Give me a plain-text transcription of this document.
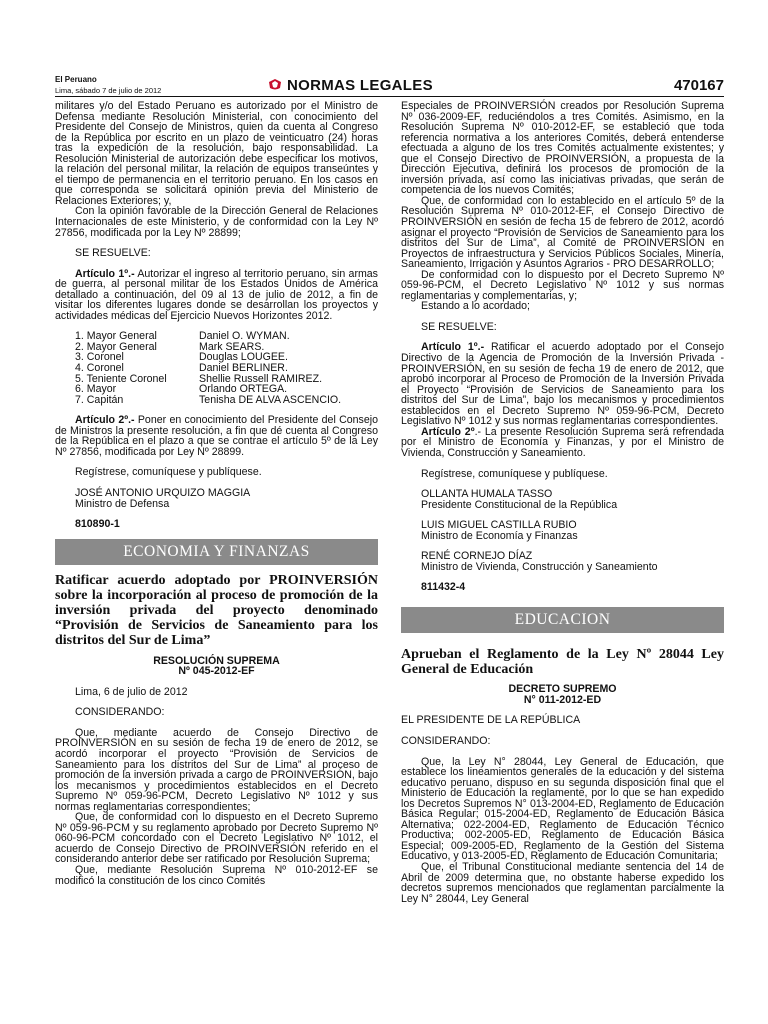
El Peruano
Lima, sábado 7 de julio de 2012	NORMAS LEGALES	470167

militares y/o del Estado Peruano es autorizado por el Ministro de Defensa mediante Resolución Ministerial, con conocimiento del Presidente del Consejo de Ministros, quien da cuenta al Congreso de la República por escrito en un plazo de veinticuatro (24) horas tras la expedición de la resolución, bajo responsabilidad. La Resolución Ministerial de autorización debe especificar los motivos, la relación del personal militar, la relación de equipos transeúntes y el tiempo de permanencia en el territorio peruano. En los casos en que corresponda se solicitará opinión previa del Ministerio de Relaciones Exteriores; y,

Con la opinión favorable de la Dirección General de Relaciones Internacionales de este Ministerio, y de conformidad con la Ley Nº 27856, modificada por la Ley Nº 28899;

SE RESUELVE:

Artículo 1º.- Autorizar el ingreso al territorio peruano, sin armas de guerra, al personal militar de los Estados Unidos de América detallado a continuación, del 09 al 13 de julio de 2012, a fin de visitar los diferentes lugares donde se desarrollan los proyectos y actividades médicas del Ejercicio Nuevos Horizontes 2012.

1. Mayor General	Daniel O. WYMAN.
2. Mayor General	Mark SEARS.
3. Coronel	Douglas LOUGEE.
4. Coronel	Daniel BERLINER.
5. Teniente Coronel	Shellie Russell RAMIREZ.
6. Mayor	Orlando ORTEGA.
7. Capitán	Tenisha DE ALVA ASCENCIO.

Artículo 2º.- Poner en conocimiento del Presidente del Consejo de Ministros la presente resolución, a fin que dé cuenta al Congreso de la República en el plazo a que se contrae el artículo 5º de la Ley Nº 27856, modificada por Ley Nº 28899.

Regístrese, comuníquese y publíquese.

JOSÉ ANTONIO URQUIZO MAGGIA

Ministro de Defensa

810890-1

ECONOMIA Y FINANZAS

Ratificar acuerdo adoptado por PROINVERSIÓN sobre la incorporación al proceso de promoción de la inversión privada del proyecto denominado “Provisión de Servicios de Saneamiento para los distritos del Sur de Lima”

RESOLUCIÓN SUPREMA

Nº 045-2012-EF

Lima, 6 de julio de 2012

CONSIDERANDO:

Que, mediante acuerdo de Consejo Directivo de PROINVERSIÓN en su sesión de fecha 19 de enero de 2012, se acordó incorporar el proyecto “Provisión de Servicios de Saneamiento para los distritos del Sur de Lima” al proceso de promoción de la inversión privada a cargo de PROINVERSIÓN, bajo los mecanismos y procedimientos establecidos en el Decreto Supremo Nº 059-96-PCM, Decreto Legislativo Nº 1012 y sus normas reglamentarias correspondientes;

Que, de conformidad con lo dispuesto en el Decreto Supremo Nº 059-96-PCM y su reglamento aprobado por Decreto Supremo Nº 060-96-PCM concordado con el Decreto Legislativo Nº 1012, el acuerdo de Consejo Directivo de PROINVERSIÓN referido en el considerando anterior debe ser ratificado por Resolución Suprema;

Que, mediante Resolución Suprema Nº 010-2012-EF se modificó la constitución de los cinco Comités

Especiales de PROINVERSIÓN creados por Resolución Suprema Nº 036-2009-EF, reduciéndolos a tres Comités. Asimismo, en la Resolución Suprema Nº 010-2012-EF, se estableció que toda referencia normativa a los anteriores Comités, deberá entenderse efectuada a alguno de los tres Comités actualmente existentes; y que el Consejo Directivo de PROINVERSIÓN, a propuesta de la Dirección Ejecutiva, definirá los procesos de promoción de la inversión privada, así como las iniciativas privadas, que serán de competencia de los nuevos Comités;

Que, de conformidad con lo establecido en el artículo 5º de la Resolución Suprema Nº 010-2012-EF, el Consejo Directivo de PROINVERSIÓN en sesión de fecha 15 de febrero de 2012, acordó asignar el proyecto “Provisión de Servicios de Saneamiento para los distritos del Sur de Lima”, al Comité de PROINVERSIÓN en Proyectos de infraestructura y Servicios Públicos Sociales, Minería, Saneamiento, Irrigación y Asuntos Agrarios - PRO DESARROLLO;

De conformidad con lo dispuesto por el Decreto Supremo Nº 059-96-PCM, el Decreto Legislativo Nº 1012 y sus normas reglamentarias y complementarias, y;

Estando a lo acordado;

SE RESUELVE:

Artículo 1º.- Ratificar el acuerdo adoptado por el Consejo Directivo de la Agencia de Promoción de la Inversión Privada - PROINVERSIÓN, en su sesión de fecha 19 de enero de 2012, que aprobó incorporar al Proceso de Promoción de la Inversión Privada el Proyecto “Provisión de Servicios de Saneamiento para los distritos del Sur de Lima”, bajo los mecanismos y procedimientos establecidos en el Decreto Supremo Nº 059-96-PCM, Decreto Legislativo Nº 1012 y sus normas reglamentarias correspondientes.

Artículo 2º.- La presente Resolución Suprema será refrendada por el Ministro de Economía y Finanzas, y por el Ministro de Vivienda, Construcción y Saneamiento.

Regístrese, comuníquese y publíquese.

OLLANTA HUMALA TASSO

Presidente Constitucional de la República

LUIS MIGUEL CASTILLA RUBIO

Ministro de Economía y Finanzas

RENÉ CORNEJO DÍAZ

Ministro de Vivienda, Construcción y Saneamiento

811432-4

EDUCACION

Aprueban el Reglamento de la Ley Nº 28044 Ley General de Educación

DECRETO SUPREMO

N° 011-2012-ED

EL PRESIDENTE DE LA REPÚBLICA

CONSIDERANDO:

Que, la Ley N° 28044, Ley General de Educación, que establece los lineamientos generales de la educación y del sistema educativo peruano, dispuso en su segunda disposición final que el Ministerio de Educación la reglamente, por lo que se han expedido los Decretos Supremos N° 013-2004-ED, Reglamento de Educación Básica Regular; 015-2004-ED, Reglamento de Educación Básica Alternativa; 022-2004-ED, Reglamento de Educación Técnico Productiva; 002-2005-ED, Reglamento de Educación Básica Especial; 009-2005-ED, Reglamento de la Gestión del Sistema Educativo, y 013-2005-ED, Reglamento de Educación Comunitaria;

Que, el Tribunal Constitucional mediante sentencia del 14 de Abril de 2009 determina que, no obstante haberse expedido los decretos supremos mencionados que reglamentan parcialmente la Ley N° 28044, Ley General
